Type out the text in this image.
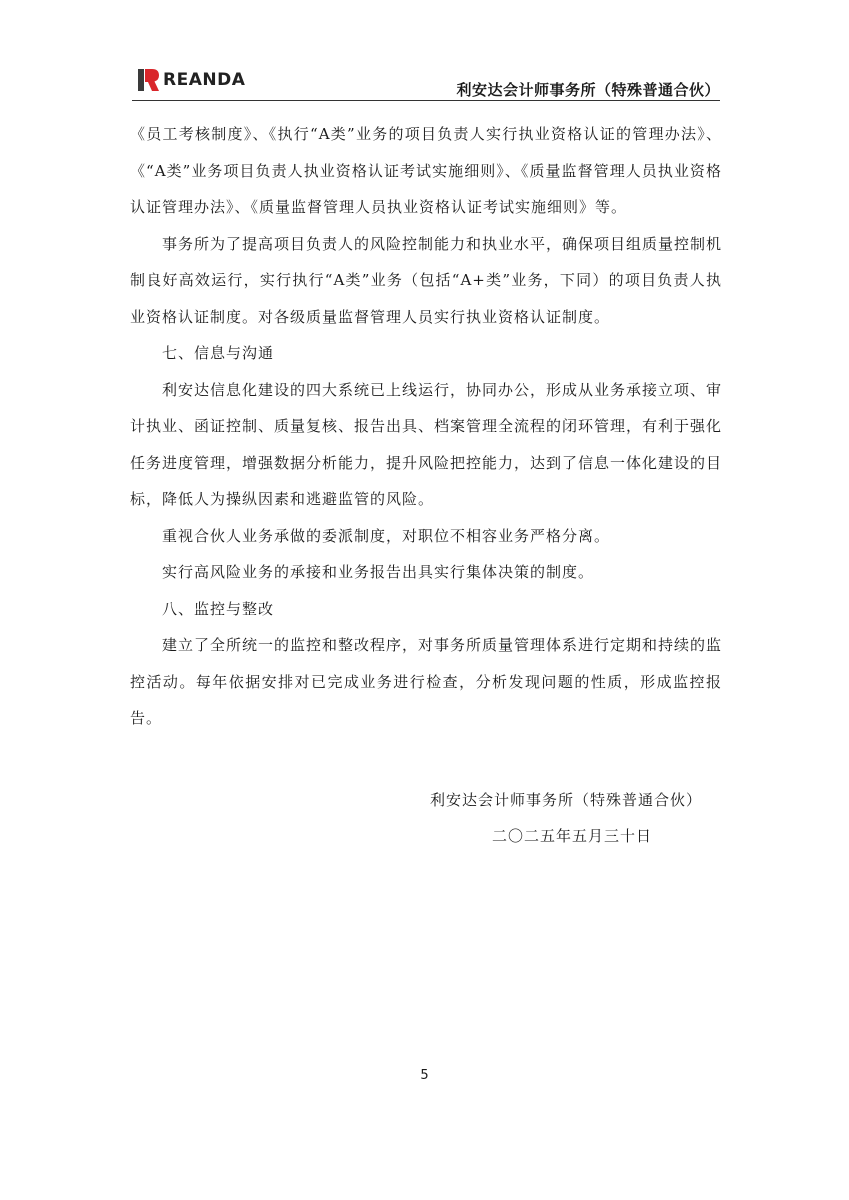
REANDA	利安达会计师事务所（特殊普通合伙）

《员工考核制度》、《执行“A类”业务的项目负责人实行执业资格认证的管理办法》、《“A类”业务项目负责人执业资格认证考试实施细则》、《质量监督管理人员执业资格认证管理办法》、《质量监督管理人员执业资格认证考试实施细则》等。

事务所为了提高项目负责人的风险控制能力和执业水平，确保项目组质量控制机制良好高效运行，实行执行“A类”业务（包括“A+类”业务，下同）的项目负责人执业资格认证制度。对各级质量监督管理人员实行执业资格认证制度。

七、信息与沟通

利安达信息化建设的四大系统已上线运行，协同办公，形成从业务承接立项、审计执业、函证控制、质量复核、报告出具、档案管理全流程的闭环管理，有利于强化任务进度管理，增强数据分析能力，提升风险把控能力，达到了信息一体化建设的目标，降低人为操纵因素和逃避监管的风险。

重视合伙人业务承做的委派制度，对职位不相容业务严格分离。

实行高风险业务的承接和业务报告出具实行集体决策的制度。

八、监控与整改

建立了全所统一的监控和整改程序，对事务所质量管理体系进行定期和持续的监控活动。每年依据安排对已完成业务进行检查，分析发现问题的性质，形成监控报告。

利安达会计师事务所（特殊普通合伙）
二〇二五年五月三十日
5
